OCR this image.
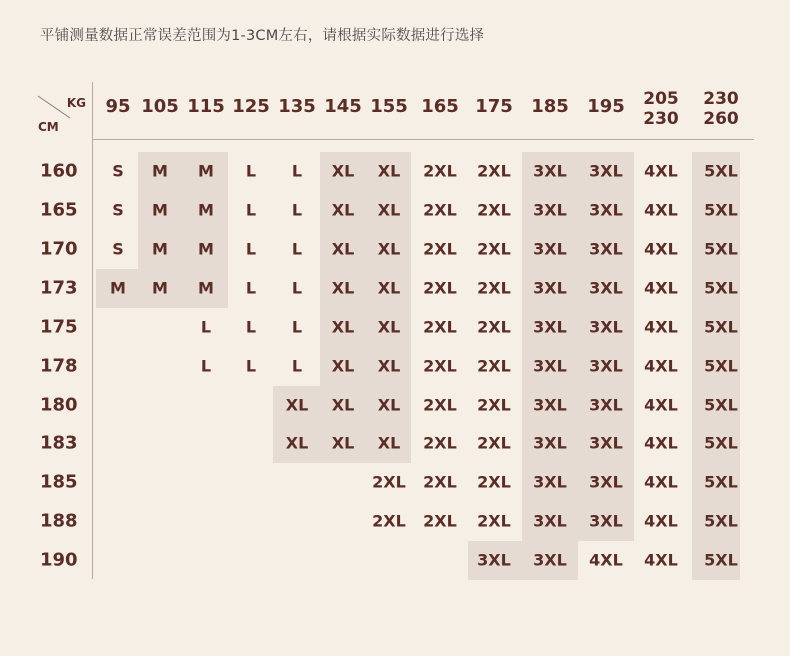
平铺测量数据正常误差范围为1-3CM左右，请根据实际数据进行选择
KG
CM
95 105 115 125 135 145 155 165 175 185 195 205
230
230
260
160
165
170
173
175
178
180
183
185
188
190
S M M L L XL XL 2XL 2XL 3XL 3XL 4XL 5XL
S M M L L XL XL 2XL 2XL 3XL 3XL 4XL 5XL
S M M L L XL XL 2XL 2XL 3XL 3XL 4XL 5XL
M M M L L XL XL 2XL 2XL 3XL 3XL 4XL 5XL
L L L XL XL 2XL 2XL 3XL 3XL 4XL 5XL
L L L XL XL 2XL 2XL 3XL 3XL 4XL 5XL
XL XL XL 2XL 2XL 3XL 3XL 4XL 5XL
XL XL XL 2XL 2XL 3XL 3XL 4XL 5XL
2XL 2XL 2XL 3XL 3XL 4XL 5XL
2XL 2XL 2XL 3XL 3XL 4XL 5XL
3XL 3XL 4XL 4XL 5XL
